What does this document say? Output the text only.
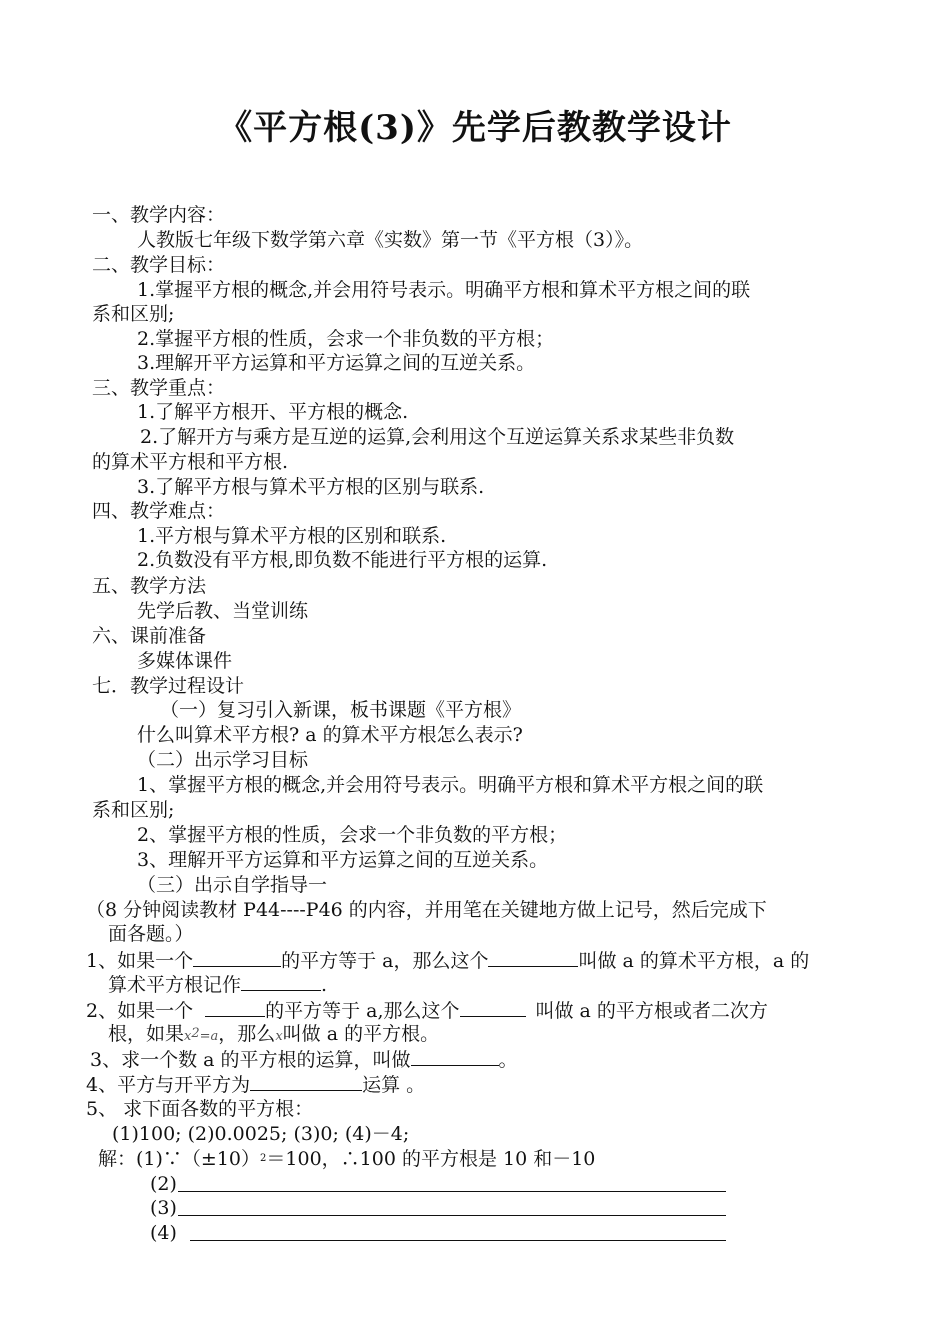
《平方根(3)》先学后教教学设计
一、教学内容：
人教版七年级下数学第六章《实数》第一节《平方根（3）》。
二、教学目标：
1.掌握平方根的概念,并会用符号表示。明确平方根和算术平方根之间的联
系和区别;
2.掌握平方根的性质，会求一个非负数的平方根；
3.理解开平方运算和平方运算之间的互逆关系。
三、教学重点：
1.了解平方根开、平方根的概念.
2.了解开方与乘方是互逆的运算,会利用这个互逆运算关系求某些非负数
的算术平方根和平方根.
3.了解平方根与算术平方根的区别与联系.
四、教学难点：
1.平方根与算术平方根的区别和联系.
2.负数没有平方根,即负数不能进行平方根的运算.
五、教学方法
先学后教、当堂训练
六、课前准备
多媒体课件
七．教学过程设计
（一）复习引入新课，板书课题《平方根》
什么叫算术平方根? a 的算术平方根怎么表示?
（二）出示学习目标
1、掌握平方根的概念,并会用符号表示。明确平方根和算术平方根之间的联
系和区别;
2、掌握平方根的性质，会求一个非负数的平方根；
3、理解开平方运算和平方运算之间的互逆关系。
（三）出示自学指导一
（8 分钟阅读教材 P44----P46 的内容，并用笔在关键地方做上记号，然后完成下
面各题。）
1、如果一个	的平方等于 a，那么这个	叫做 a 的算术平方根，a 的
算术平方根记作	.
2、如果一个	的平方等于 a,那么这个	叫做 a 的平方根或者二次方
根，如果$x^2=a$，那么x叫做 a 的平方根。
3、求一个数 a 的平方根的运算，叫做	。
4、平方与开平方为	运算 。
5、 求下面各数的平方根：
(1)100; (2)0.0025; (3)0; (4)－4;
解：$(1)\because(\pm 10)^2=100$，∴100 的平方根是 10 和－10
(2)
(3)
(4)
